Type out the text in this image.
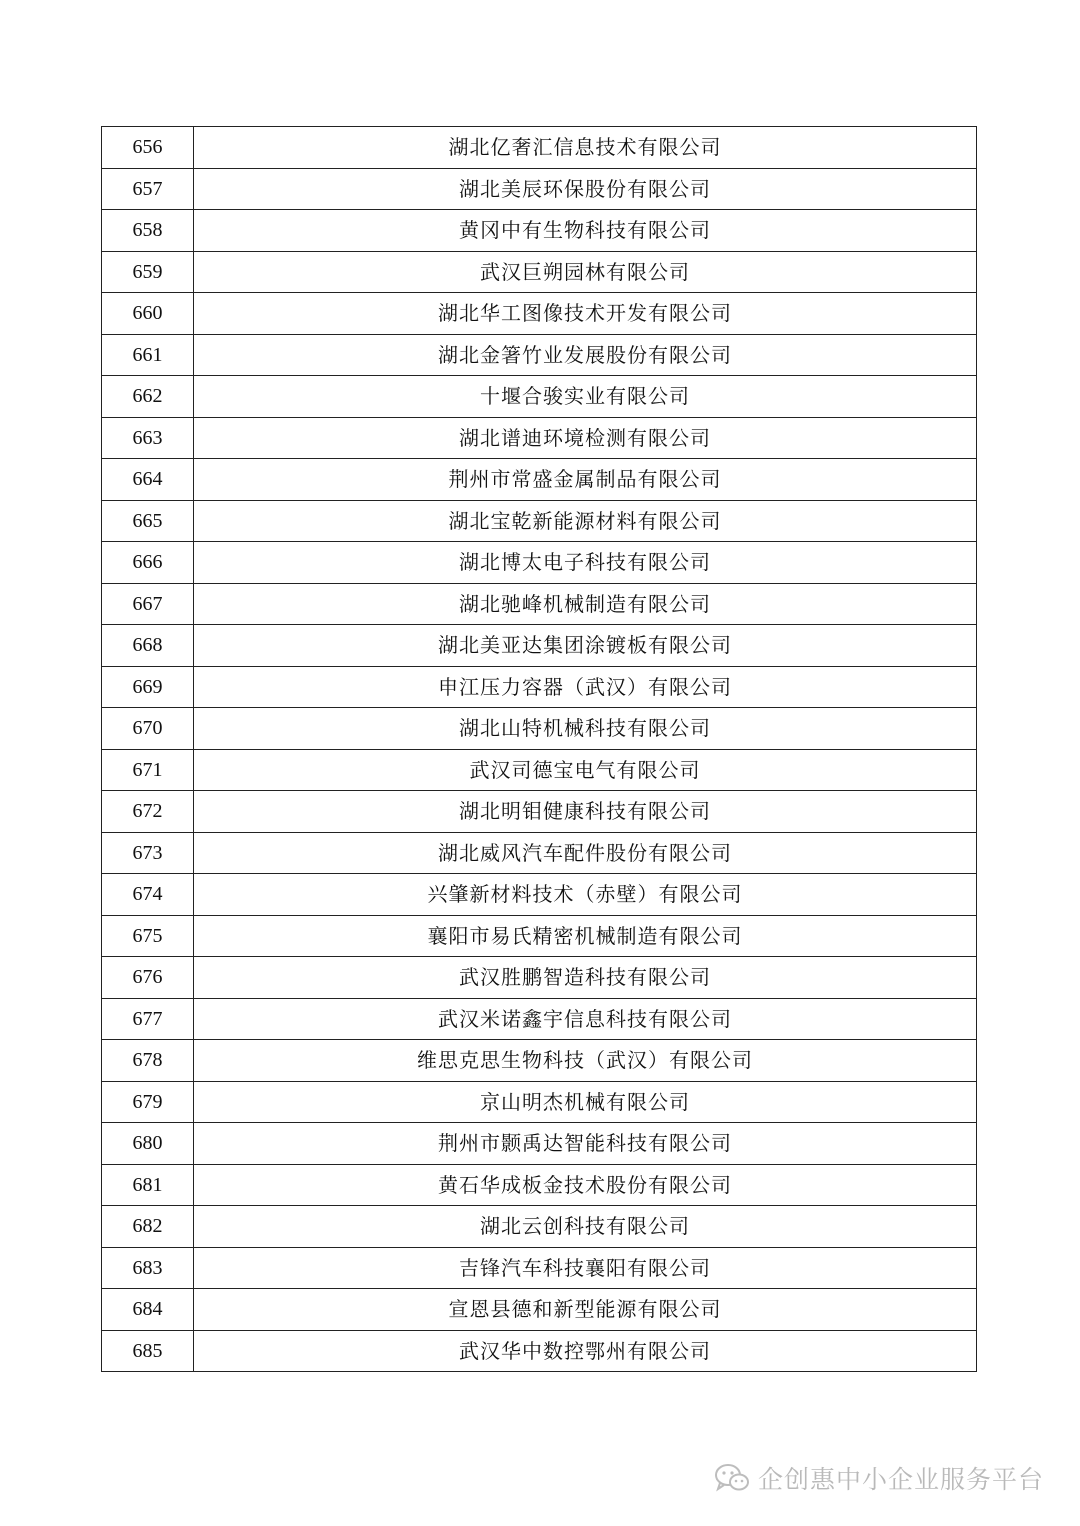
656	湖北亿奢汇信息技术有限公司
657	湖北美辰环保股份有限公司
658	黄冈中有生物科技有限公司
659	武汉巨朔园林有限公司
660	湖北华工图像技术开发有限公司
661	湖北金箸竹业发展股份有限公司
662	十堰合骏实业有限公司
663	湖北谱迪环境检测有限公司
664	荆州市常盛金属制品有限公司
665	湖北宝乾新能源材料有限公司
666	湖北博太电子科技有限公司
667	湖北驰峰机械制造有限公司
668	湖北美亚达集团涂镀板有限公司
669	申江压力容器（武汉）有限公司
670	湖北山特机械科技有限公司
671	武汉司德宝电气有限公司
672	湖北明钼健康科技有限公司
673	湖北威风汽车配件股份有限公司
674	兴肇新材料技术（赤壁）有限公司
675	襄阳市易氏精密机械制造有限公司
676	武汉胜鹏智造科技有限公司
677	武汉米诺鑫宇信息科技有限公司
678	维思克思生物科技（武汉）有限公司
679	京山明杰机械有限公司
680	荆州市颢禹达智能科技有限公司
681	黄石华成板金技术股份有限公司
682	湖北云创科技有限公司
683	吉锋汽车科技襄阳有限公司
684	宣恩县德和新型能源有限公司
685	武汉华中数控鄂州有限公司
企创惠中小企业服务平台
